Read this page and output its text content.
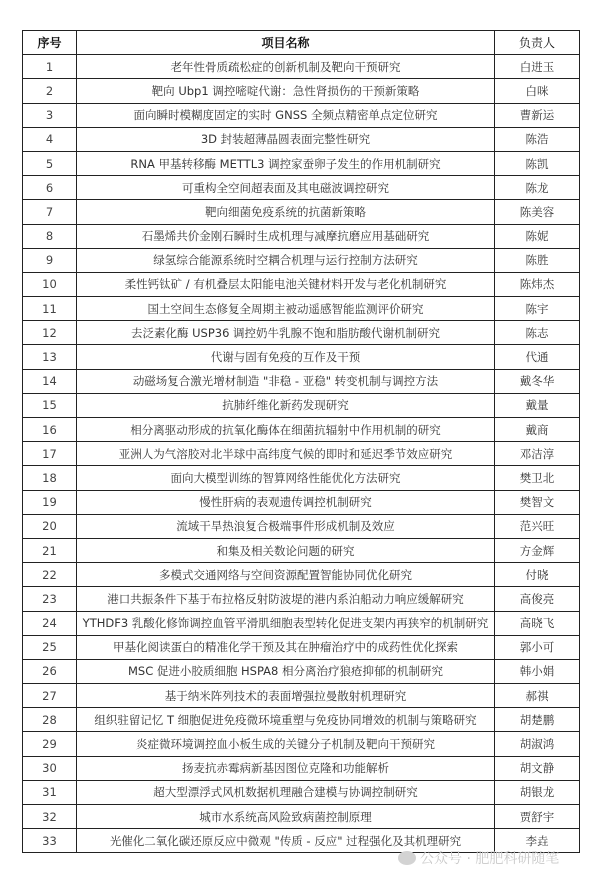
序号	项目名称	负责人
1	老年性骨质疏松症的创新机制及靶向干预研究	白进玉
2	靶向 Ubp1 调控嘧啶代谢：急性肾损伤的干预新策略	白咪
3	面向瞬时模糊度固定的实时 GNSS 全频点精密单点定位研究	曹新运
4	3D 封装超薄晶圆表面完整性研究	陈浩
5	RNA 甲基转移酶 METTL3 调控家蚕卵子发生的作用机制研究	陈凯
6	可重构全空间超表面及其电磁波调控研究	陈龙
7	靶向细菌免疫系统的抗菌新策略	陈美容
8	石墨烯共价金刚石瞬时生成机理与减摩抗磨应用基础研究	陈妮
9	绿氢综合能源系统时空耦合机理与运行控制方法研究	陈胜
10	柔性钙钛矿 / 有机叠层太阳能电池关键材料开发与老化机制研究	陈炜杰
11	国土空间生态修复全周期主被动遥感智能监测评价研究	陈宇
12	去泛素化酶 USP36 调控奶牛乳腺不饱和脂肪酸代谢机制研究	陈志
13	代谢与固有免疫的互作及干预	代通
14	动磁场复合激光增材制造 "非稳 - 亚稳" 转变机制与调控方法	戴冬华
15	抗肺纤维化新药发现研究	戴量
16	相分离驱动形成的抗氧化酶体在细菌抗辐射中作用机制的研究	戴商
17	亚洲人为气溶胶对北半球中高纬度气候的即时和延迟季节效应研究	邓洁淳
18	面向大模型训练的智算网络性能优化方法研究	樊卫北
19	慢性肝病的表观遗传调控机制研究	樊智文
20	流域干旱热浪复合极端事件形成机制及效应	范兴旺
21	和集及相关数论问题的研究	方金辉
22	多模式交通网络与空间资源配置智能协同优化研究	付晓
23	港口共振条件下基于布拉格反射防波堤的港内系泊船动力响应缓解研究	高俊亮
24	YTHDF3 乳酸化修饰调控血管平滑肌细胞表型转化促进支架内再狭窄的机制研究	高晓飞
25	甲基化阅读蛋白的精准化学干预及其在肿瘤治疗中的成药性优化探索	郭小可
26	MSC 促进小胶质细胞 HSPA8 相分离治疗狼疮抑郁的机制研究	韩小娟
27	基于纳米阵列技术的表面增强拉曼散射机理研究	郝祺
28	组织驻留记忆 T 细胞促进免疫微环境重塑与免疫协同增效的机制与策略研究	胡楚鹏
29	炎症微环境调控血小板生成的关键分子机制及靶向干预研究	胡淑鸿
30	扬麦抗赤霉病新基因图位克隆和功能解析	胡文静
31	超大型漂浮式风机数据机理融合建模与协调控制研究	胡银龙
32	城市水系统高风险致病菌控制原理	贾舒宇
33	光催化二氧化碳还原反应中微观 "传质 - 反应" 过程强化及其机理研究	李垚
公众号 · 肥肥科研随笔
